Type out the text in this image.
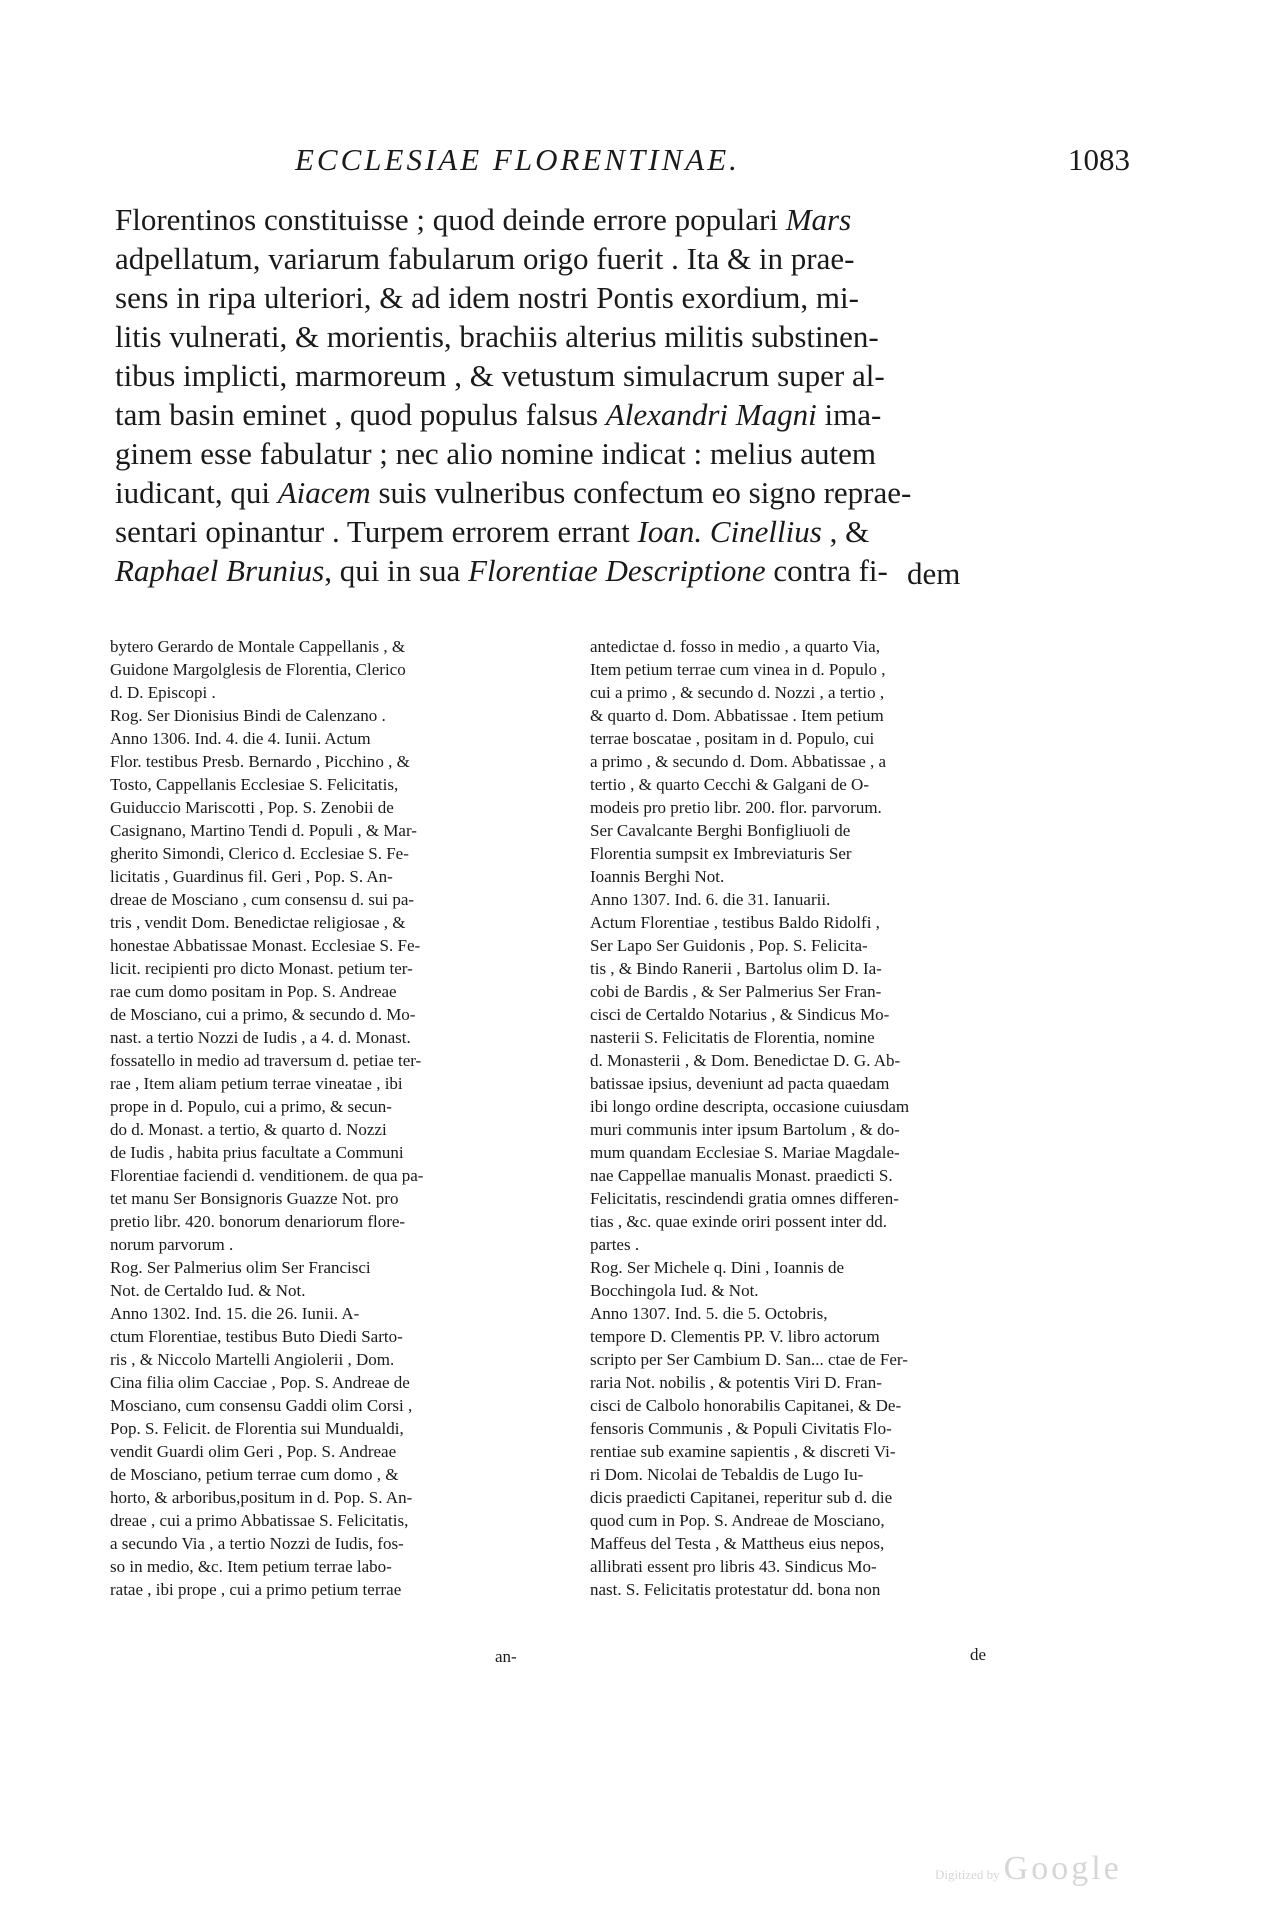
ECCLESIAE FLORENTINAE.	1083
Florentinos constituisse ; quod deinde errore populari Mars
adpellatum, variarum fabularum origo fuerit . Ita & in prae-
sens in ripa ulteriori, & ad idem nostri Pontis exordium, mi-
litis vulnerati, & morientis, brachiis alterius militis substinen-
tibus implicti, marmoreum , & vetustum simulacrum super al-
tam basin eminet , quod populus falsus Alexandri Magni ima-
ginem esse fabulatur ; nec alio nomine indicat : melius autem
iudicant, qui Aiacem suis vulneribus confectum eo signo reprae-
sentari opinantur . Turpem errorem errant Ioan. Cinellius , &
Raphael Brunius, qui in sua Florentiae Descriptione contra fi- dem
bytero Gerardo de Montale Cappellanis , &
Guidone Margolglesis de Florentia, Clerico
d. D. Episcopi .
Rog. Ser Dionisius Bindi de Calenzano .
Anno 1306. Ind. 4. die 4. Iunii. Actum
Flor. testibus Presb. Bernardo , Picchino , &
Tosto, Cappellanis Ecclesiae S. Felicitatis,
Guiduccio Mariscotti , Pop. S. Zenobii de
Casignano, Martino Tendi d. Populi , & Mar-
gherito Simondi, Clerico d. Ecclesiae S. Fe-
licitatis , Guardinus fil. Geri , Pop. S. An-
dreae de Mosciano , cum consensu d. sui pa-
tris , vendit Dom. Benedictae religiosae , &
honestae Abbatissae Monast. Ecclesiae S. Fe-
licit. recipienti pro dicto Monast. petium ter-
rae cum domo positam in Pop. S. Andreae
de Mosciano, cui a primo, & secundo d. Mo-
nast. a tertio Nozzi de Iudis , a 4. d. Monast.
fossatello in medio ad traversum d. petiae ter-
rae , Item aliam petium terrae vineatae , ibi
prope in d. Populo, cui a primo, & secun-
do d. Monast. a tertio, & quarto d. Nozzi
de Iudis , habita prius facultate a Communi
Florentiae faciendi d. venditionem. de qua pa-
tet manu Ser Bonsignoris Guazze Not. pro
pretio libr. 420. bonorum denariorum flore-
norum parvorum .
Rog. Ser Palmerius olim Ser Francisci
Not. de Certaldo Iud. & Not.
Anno 1302. Ind. 15. die 26. Iunii. A-
ctum Florentiae, testibus Buto Diedi Sarto-
ris , & Niccolo Martelli Angiolerii , Dom.
Cina filia olim Cacciae , Pop. S. Andreae de
Mosciano, cum consensu Gaddi olim Corsi ,
Pop. S. Felicit. de Florentia sui Mundualdi,
vendit Guardi olim Geri , Pop. S. Andreae
de Mosciano, petium terrae cum domo , &
horto, & arboribus,positum in d. Pop. S. An-
dreae , cui a primo Abbatissae S. Felicitatis,
a secundo Via , a tertio Nozzi de Iudis, fos-
so in medio, &c. Item petium terrae labo-
ratae , ibi prope , cui a primo petium terrae
an-
antedictae d. fosso in medio , a quarto Via,
Item petium terrae cum vinea in d. Populo ,
cui a primo , & secundo d. Nozzi , a tertio ,
& quarto d. Dom. Abbatissae . Item petium
terrae boscatae , positam in d. Populo, cui
a primo , & secundo d. Dom. Abbatissae , a
tertio , & quarto Cecchi & Galgani de O-
modeis pro pretio libr. 200. flor. parvorum.
Ser Cavalcante Berghi Bonfigliuoli de
Florentia sumpsit ex Imbreviaturis Ser
Ioannis Berghi Not.
Anno 1307. Ind. 6. die 31. Ianuarii.
Actum Florentiae , testibus Baldo Ridolfi ,
Ser Lapo Ser Guidonis , Pop. S. Felicita-
tis , & Bindo Ranerii , Bartolus olim D. Ia-
cobi de Bardis , & Ser Palmerius Ser Fran-
cisci de Certaldo Notarius , & Sindicus Mo-
nasterii S. Felicitatis de Florentia, nomine
d. Monasterii , & Dom. Benedictae D. G. Ab-
batissae ipsius, deveniunt ad pacta quaedam
ibi longo ordine descripta, occasione cuiusdam
muri communis inter ipsum Bartolum , & do-
mum quandam Ecclesiae S. Mariae Magdale-
nae Cappellae manualis Monast. praedicti S.
Felicitatis, rescindendi gratia omnes differen-
tias , &c. quae exinde oriri possent inter dd.
partes .
Rog. Ser Michele q. Dini , Ioannis de
Bocchingola Iud. & Not.
Anno 1307. Ind. 5. die 5. Octobris,
tempore D. Clementis PP. V. libro actorum
scripto per Ser Cambium D. San... ctae de Fer-
raria Not. nobilis , & potentis Viri D. Fran-
cisci de Calbolo honorabilis Capitanei, & De-
fensoris Communis , & Populi Civitatis Flo-
rentiae sub examine sapientis , & discreti Vi-
ri Dom. Nicolai de Tebaldis de Lugo Iu-
dicis praedicti Capitanei, reperitur sub d. die
quod cum in Pop. S. Andreae de Mosciano,
Maffeus del Testa , & Mattheus eius nepos,
allibrati essent pro libris 43. Sindicus Mo-
nast. S. Felicitatis protestatur dd. bona non
de
Digitized by Google
